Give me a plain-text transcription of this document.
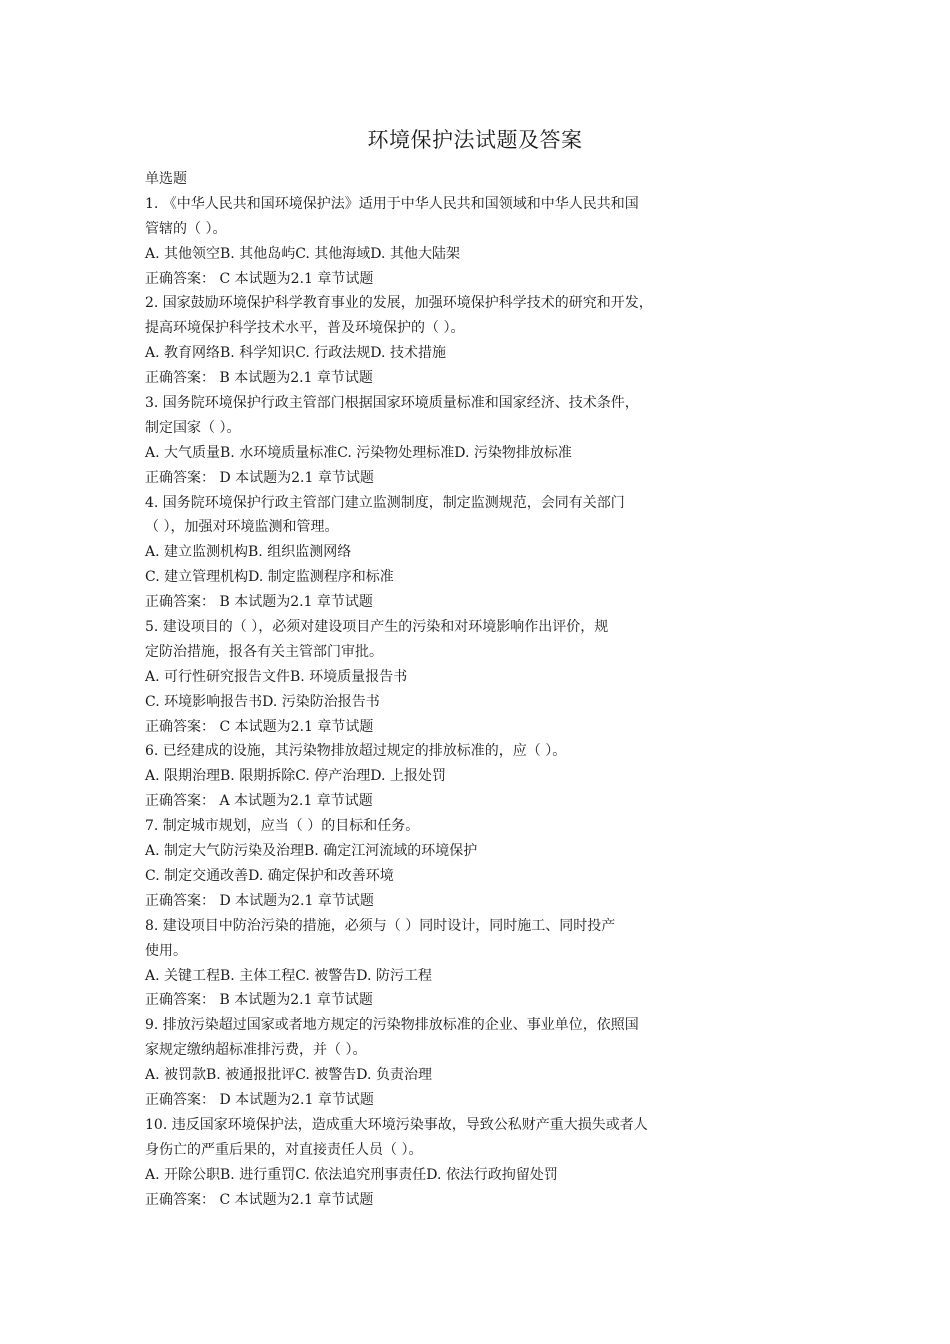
环境保护法试题及答案
单选题
1. 《中华人民共和国环境保护法》适用于中华人民共和国领域和中华人民共和国
管辖的（ ）。
A. 其他领空B. 其他岛屿C. 其他海域D. 其他大陆架
正确答案： C 本试题为2.1 章节试题
2. 国家鼓励环境保护科学教育事业的发展，加强环境保护科学技术的研究和开发，
提高环境保护科学技术水平，普及环境保护的（ ）。
A. 教育网络B. 科学知识C. 行政法规D. 技术措施
正确答案： B 本试题为2.1 章节试题
3. 国务院环境保护行政主管部门根据国家环境质量标准和国家经济、技术条件，
制定国家（ ）。
A. 大气质量B. 水环境质量标准C. 污染物处理标准D. 污染物排放标准
正确答案： D 本试题为2.1 章节试题
4. 国务院环境保护行政主管部门建立监测制度，制定监测规范，会同有关部门
（ ），加强对环境监测和管理。
A. 建立监测机构B. 组织监测网络
C. 建立管理机构D. 制定监测程序和标准
正确答案： B 本试题为2.1 章节试题
5. 建设项目的（ ），必须对建设项目产生的污染和对环境影响作出评价，规
定防治措施，报各有关主管部门审批。
A. 可行性研究报告文件B. 环境质量报告书
C. 环境影响报告书D. 污染防治报告书
正确答案： C 本试题为2.1 章节试题
6. 已经建成的设施，其污染物排放超过规定的排放标准的，应（ ）。
A. 限期治理B. 限期拆除C. 停产治理D. 上报处罚
正确答案： A 本试题为2.1 章节试题
7. 制定城市规划，应当（ ）的目标和任务。
A. 制定大气防污染及治理B. 确定江河流域的环境保护
C. 制定交通改善D. 确定保护和改善环境
正确答案： D 本试题为2.1 章节试题
8. 建设项目中防治污染的措施，必须与（ ）同时设计，同时施工、同时投产
使用。
A. 关键工程B. 主体工程C. 被警告D. 防污工程
正确答案： B 本试题为2.1 章节试题
9. 排放污染超过国家或者地方规定的污染物排放标准的企业、事业单位，依照国
家规定缴纳超标准排污费，并（ ）。
A. 被罚款B. 被通报批评C. 被警告D. 负责治理
正确答案： D 本试题为2.1 章节试题
10. 违反国家环境保护法，造成重大环境污染事故，导致公私财产重大损失或者人
身伤亡的严重后果的，对直接责任人员（ ）。
A. 开除公职B. 进行重罚C. 依法追究刑事责任D. 依法行政拘留处罚
正确答案： C 本试题为2.1 章节试题
